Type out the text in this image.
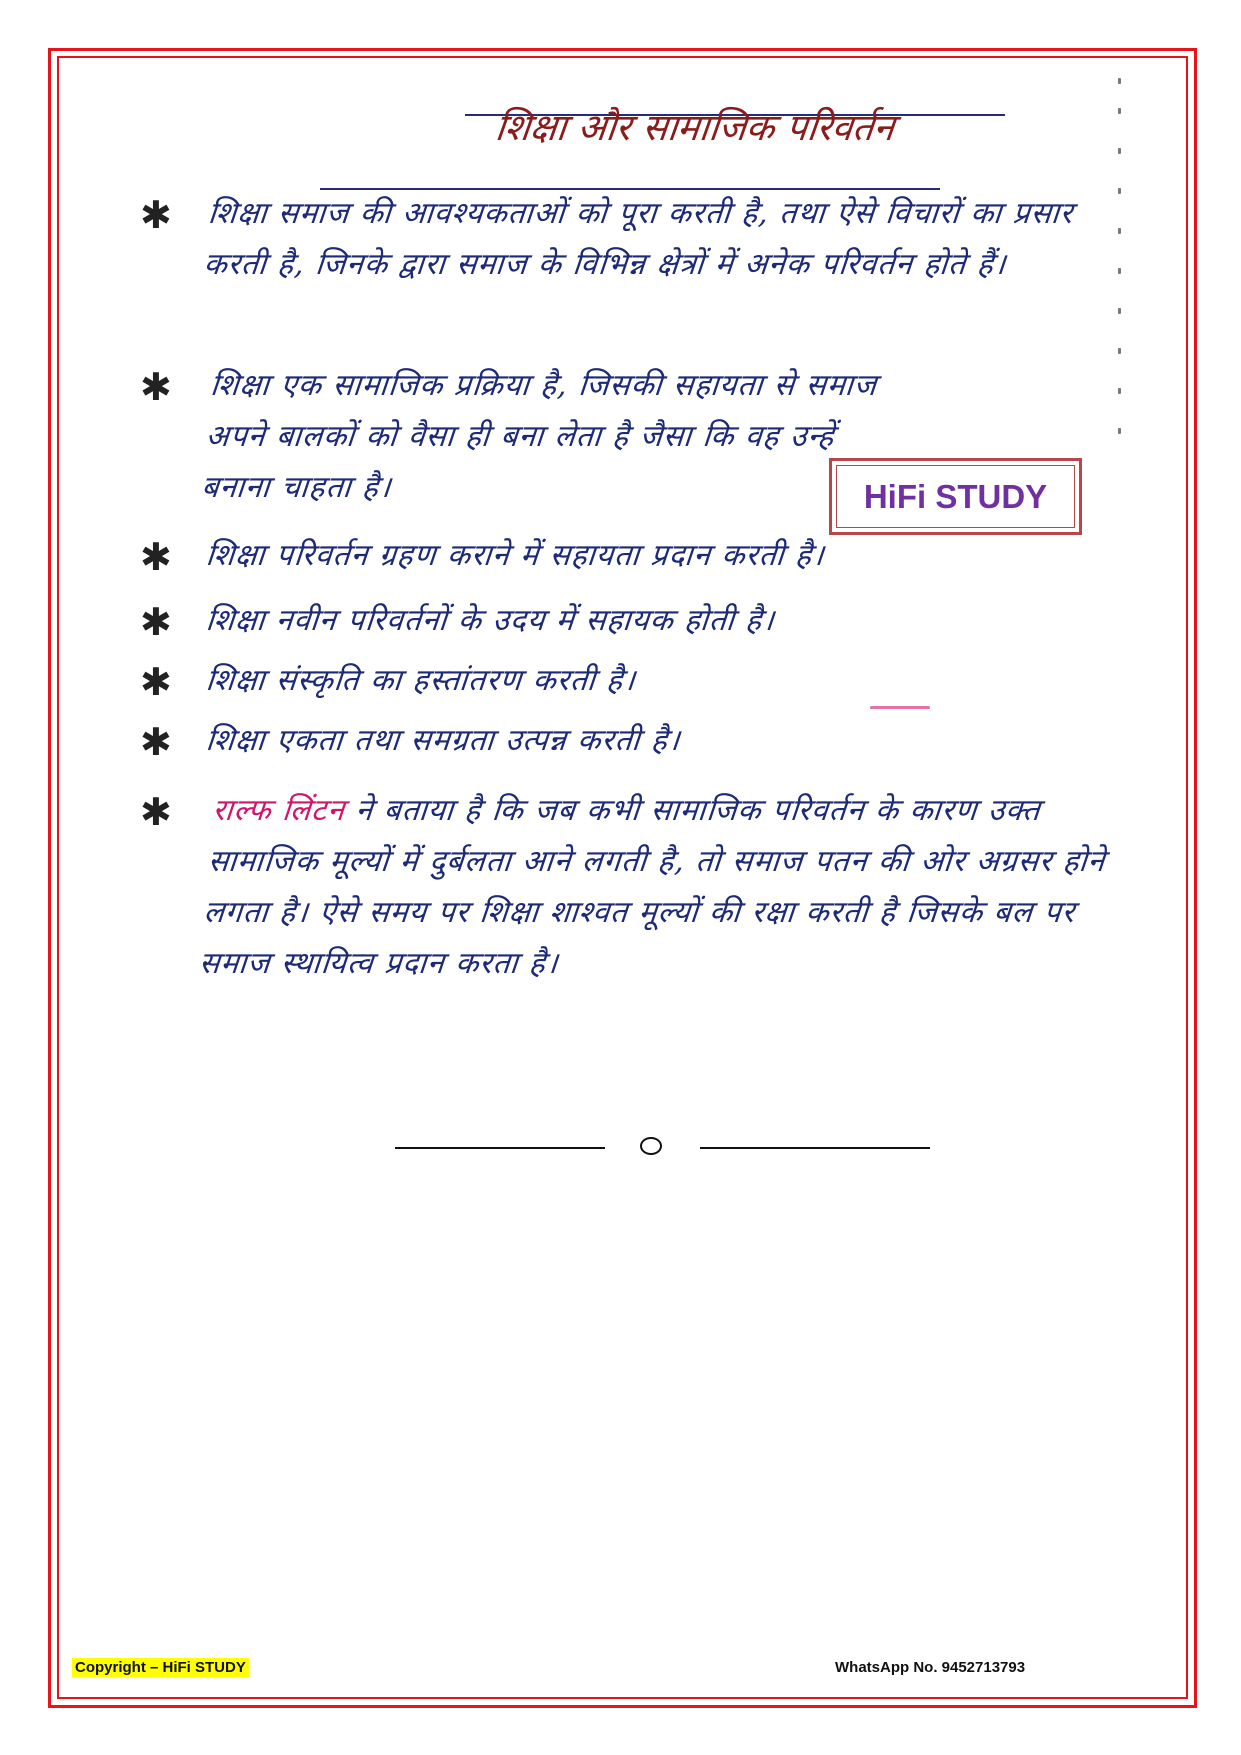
शिक्षा और सामाजिक परिवर्तन
✱ शिक्षा समाज की आवश्यकताओं को पूरा करती है, तथा ऐसे विचारों का प्रसार करती है, जिनके द्वारा समाज के विभिन्न क्षेत्रों में अनेक परिवर्तन होते हैं।
✱	शिक्षा एक सामाजिक प्रक्रिया है, जिसकी सहायता से समाज अपने बालकों को वैसा ही बना लेता है जैसा कि वह उन्हें बनाना चाहता है।
✱ शिक्षा परिवर्तन ग्रहण कराने में सहायता प्रदान करती है।
✱ शिक्षा नवीन परिवर्तनों के उदय में सहायक होती है।
✱ शिक्षा संस्कृति का हस्तांतरण करती है।
✱ शिक्षा एकता तथा समग्रता उत्पन्न करती है।
✱	राल्फ लिंटन ने बताया है कि जब कभी सामाजिक परिवर्तन के कारण उक्त सामाजिक मूल्यों में दुर्बलता आने लगती है, तो समाज पतन की ओर अग्रसर होने लगता है। ऐसे समय पर शिक्षा शाश्वत मूल्यों की रक्षा करती है जिसके बल पर समाज स्थायित्व प्रदान करता है।
HiFi STUDY
Copyright – HiFi STUDY	WhatsApp No. 9452713793
